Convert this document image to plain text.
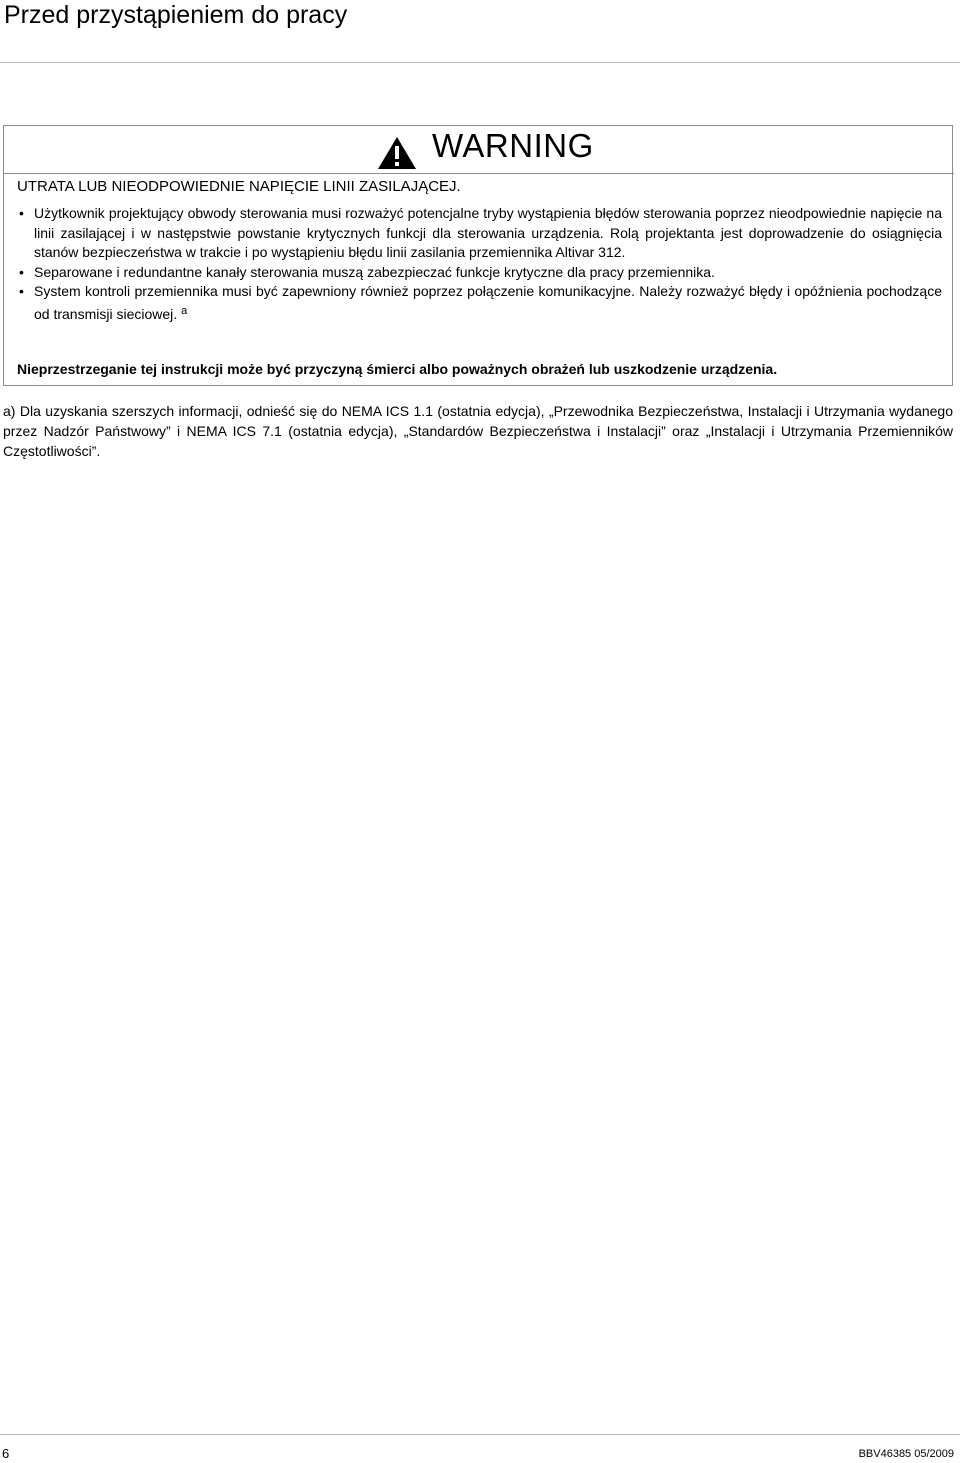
Przed przystąpieniem do pracy
WARNING

UTRATA LUB NIEODPOWIEDNIE NAPIĘCIE LINII ZASILAJĄCEJ.

• Użytkownik projektujący obwody sterowania musi rozważyć potencjalne tryby wystąpienia błędów sterowania poprzez nieodpowiednie napięcie na linii zasilającej i w następstwie powstanie krytycznych funkcji dla sterowania urządzenia. Rolą projektanta jest doprowadzenie do osiągnięcia stanów bezpieczeństwa w trakcie i po wystąpieniu błędu linii zasilania przemiennika Altivar 312.
• Separowane i redundantne kanały sterowania muszą zabezpieczać funkcje krytyczne dla pracy przemiennika.
• System kontroli przemiennika musi być zapewniony również poprzez połączenie komunikacyjne. Należy rozważyć błędy i opóźnienia pochodzące od transmisji sieciowej. $^a$

Nieprzestrzeganie tej instrukcji może być przyczyną śmierci albo poważnych obrażeń lub uszkodzenie urządzenia.

a) Dla uzyskania szerszych informacji, odnieść się do NEMA ICS 1.1 (ostatnia edycja), „Przewodnika Bezpieczeństwa, Instalacji i Utrzymania wydanego przez Nadzór Państwowy” i NEMA ICS 7.1 (ostatnia edycja), „Standardów Bezpieczeństwa i Instalacji” oraz „Instalacji i Utrzymania Przemienników Częstotliwości”.

6	BBV46385 05/2009
